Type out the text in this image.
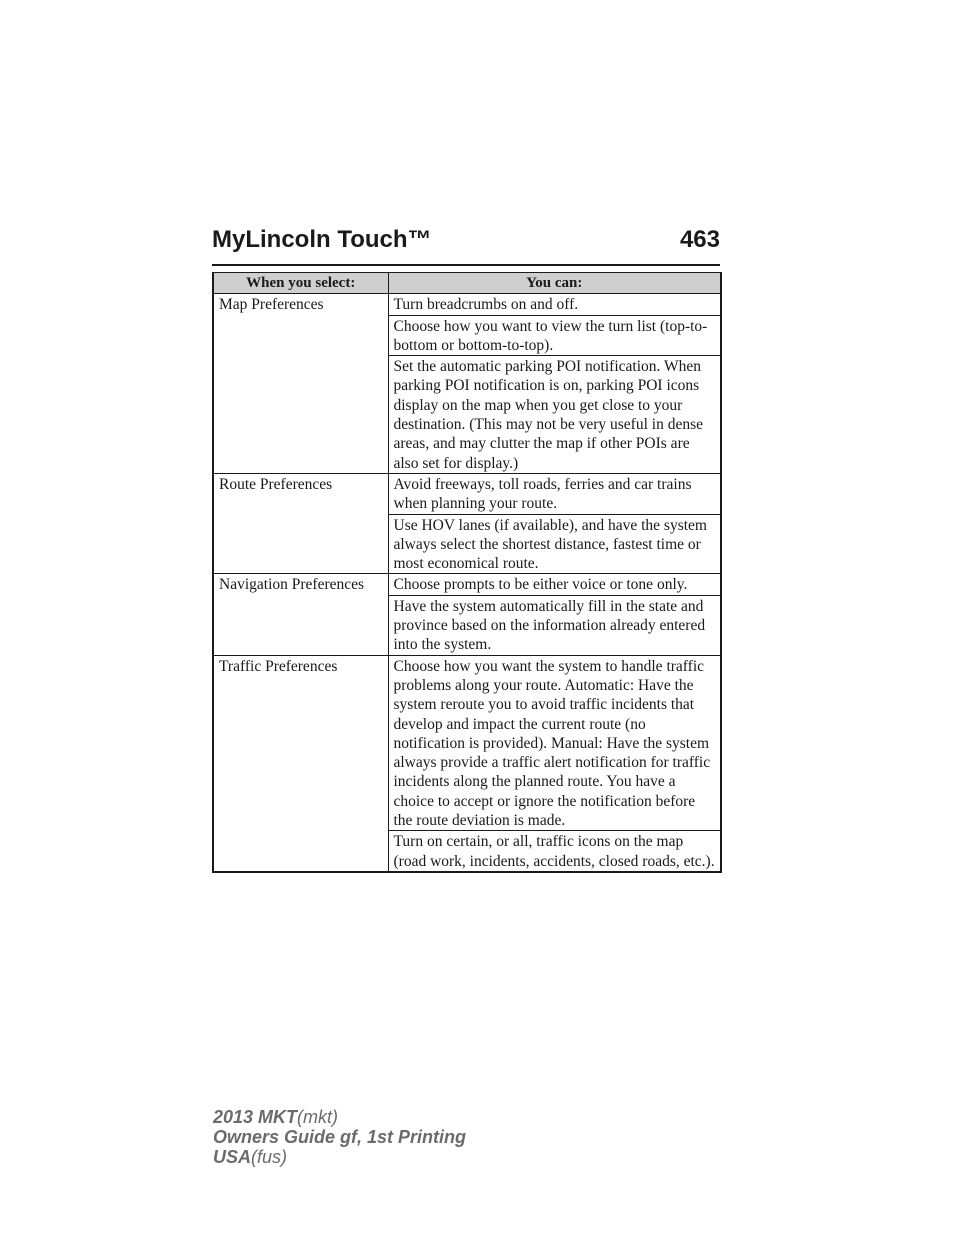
MyLincoln Touch™	463
When you select:	You can:
Map Preferences	Turn breadcrumbs on and off.
	Choose how you want to view the turn list (top-to-bottom or bottom-to-top).
	Set the automatic parking POI notification. When parking POI notification is on, parking POI icons display on the map when you get close to your destination. (This may not be very useful in dense areas, and may clutter the map if other POIs are also set for display.)
Route Preferences	Avoid freeways, toll roads, ferries and car trains when planning your route.
	Use HOV lanes (if available), and have the system always select the shortest distance, fastest time or most economical route.
Navigation Preferences	Choose prompts to be either voice or tone only.
	Have the system automatically fill in the state and province based on the information already entered into the system.
Traffic Preferences	Choose how you want the system to handle traffic problems along your route. Automatic: Have the system reroute you to avoid traffic incidents that develop and impact the current route (no notification is provided). Manual: Have the system always provide a traffic alert notification for traffic incidents along the planned route. You have a choice to accept or ignore the notification before the route deviation is made.
	Turn on certain, or all, traffic icons on the map (road work, incidents, accidents, closed roads, etc.).
2013 MKT(mkt)
Owners Guide gf, 1st Printing
USA(fus)
